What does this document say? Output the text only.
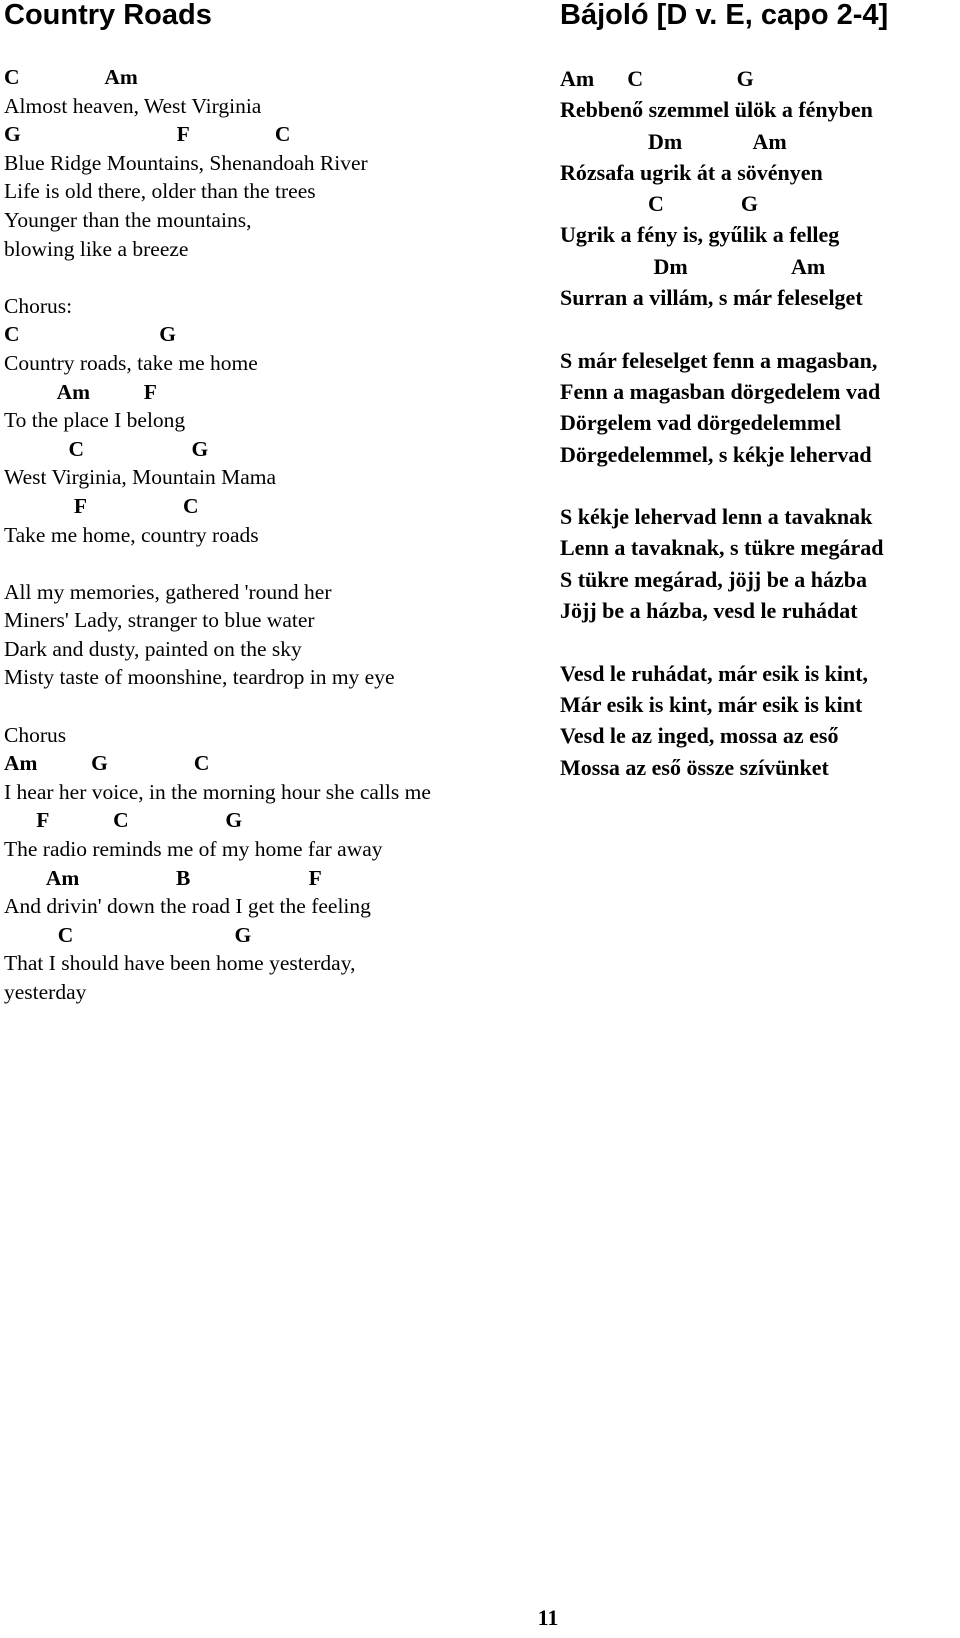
Country Roads
C                Am
Almost heaven, West Virginia
G                             F                C
Blue Ridge Mountains, Shenandoah River
Life is old there, older than the trees
Younger than the mountains,
blowing like a breeze
Chorus:
C                          G
Country roads, take me home
Am          F
To the place I belong
C                    G
West Virginia, Mountain Mama
F                  C
Take me home, country roads
All my memories, gathered 'round her
Miners' Lady, stranger to blue water
Dark and dusty, painted on the sky
Misty taste of moonshine, teardrop in my eye
Chorus
Am          G                C
I hear her voice, in the morning hour she calls me
F            C                  G
The radio reminds me of my home far away
Am                  B                      F
And drivin' down the road I get the feeling
C                              G
That I should have been home yesterday,
yesterday
Bájoló [D v. E, capo 2-4]
Am      C                 G
Rebbenő szemmel ülök a fényben
Dm             Am
Rózsafa ugrik át a sövényen
C              G
Ugrik a fény is, gyűlik a felleg
Dm                   Am
Surran a villám, s már feleselget
S már feleselget fenn a magasban,
Fenn a magasban dörgedelem vad
Dörgelem vad dörgedelemmel
Dörgedelemmel, s kékje lehervad
S kékje lehervad lenn a tavaknak
Lenn a tavaknak, s tükre megárad
S tükre megárad, jöjj be a házba
Jöjj be a házba, vesd le ruhádat
Vesd le ruhádat, már esik is kint,
Már esik is kint, már esik is kint
Vesd le az inged, mossa az eső
Mossa az eső össze szívünket
11
